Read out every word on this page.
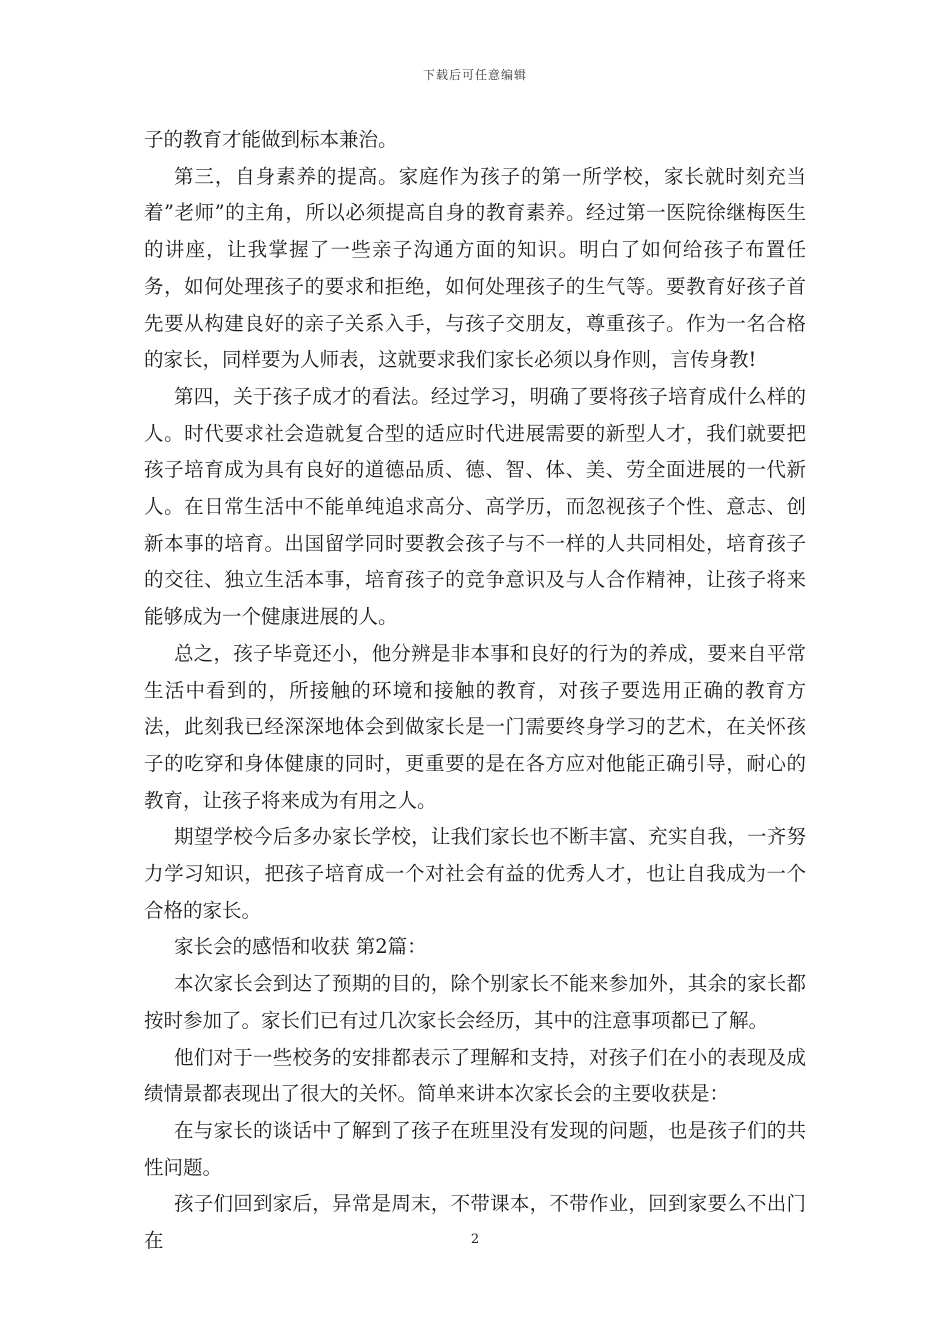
下载后可任意编辑

子的教育才能做到标本兼治。

第三，自身素养的提高。家庭作为孩子的第一所学校，家长就时刻充当着”老师”的主角，所以必须提高自身的教育素养。经过第一医院徐继梅医生的讲座，让我掌握了一些亲子沟通方面的知识。明白了如何给孩子布置任务，如何处理孩子的要求和拒绝，如何处理孩子的生气等。要教育好孩子首先要从构建良好的亲子关系入手，与孩子交朋友，尊重孩子。作为一名合格的家长，同样要为人师表，这就要求我们家长必须以身作则，言传身教!

第四，关于孩子成才的看法。经过学习，明确了要将孩子培育成什么样的人。时代要求社会造就复合型的适应时代进展需要的新型人才，我们就要把孩子培育成为具有良好的道德品质、德、智、体、美、劳全面进展的一代新人。在日常生活中不能单纯追求高分、高学历，而忽视孩子个性、意志、创新本事的培育。出国留学同时要教会孩子与不一样的人共同相处，培育孩子的交往、独立生活本事，培育孩子的竞争意识及与人合作精神，让孩子将来能够成为一个健康进展的人。

总之，孩子毕竟还小，他分辨是非本事和良好的行为的养成，要来自平常生活中看到的，所接触的环境和接触的教育，对孩子要选用正确的教育方法，此刻我已经深深地体会到做家长是一门需要终身学习的艺术，在关怀孩子的吃穿和身体健康的同时，更重要的是在各方应对他能正确引导，耐心的教育，让孩子将来成为有用之人。

期望学校今后多办家长学校，让我们家长也不断丰富、充实自我，一齐努力学习知识，把孩子培育成一个对社会有益的优秀人才，也让自我成为一个合格的家长。

家长会的感悟和收获 第2篇：

本次家长会到达了预期的目的，除个别家长不能来参加外，其余的家长都按时参加了。家长们已有过几次家长会经历，其中的注意事项都已了解。

他们对于一些校务的安排都表示了理解和支持，对孩子们在小的表现及成绩情景都表现出了很大的关怀。简单来讲本次家长会的主要收获是：

在与家长的谈话中了解到了孩子在班里没有发现的问题，也是孩子们的共性问题。

孩子们回到家后，异常是周末，不带课本，不带作业，回到家要么不出门在	2
